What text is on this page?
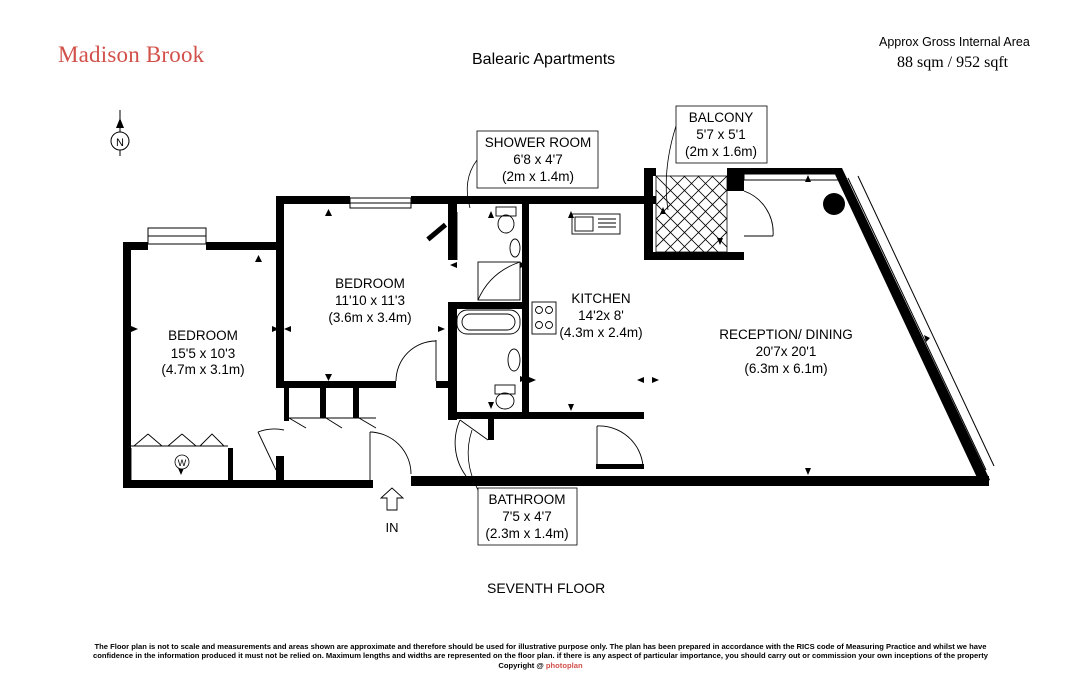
Madison Brook	Balearic Apartments
Approx Gross Internal Area
88 sqm / 952 sqft
N
W
IN
BEDROOM
15'5 x 10'3
(4.7m x 3.1m)
BEDROOM
11'10 x 11'3
(3.6m x 3.4m)
KITCHEN
14'2x 8'
(4.3m x 2.4m)	RECEPTION/ DINING
20'7x 20'1
(6.3m x 6.1m)
SHOWER ROOM
6'8 x 4'7
(2m x 1.4m)
BALCONY
5'7 x 5'1
(2m x 1.6m)
BATHROOM
7'5 x 4'7
(2.3m x 1.4m)
SEVENTH FLOOR
The Floor plan is not to scale and measurements and areas shown are approximate and therefore should be used for illustrative purpose only. The plan has been prepared in accordance with the RICS code of Measuring Practice and whilst we have
confidence in the information produced it must not be relied on. Maximum lengths and widths are represented on the floor plan. if there is any aspect of particular importance, you should carry out or commission your own inceptions of the property
Copyright @ photoplan
